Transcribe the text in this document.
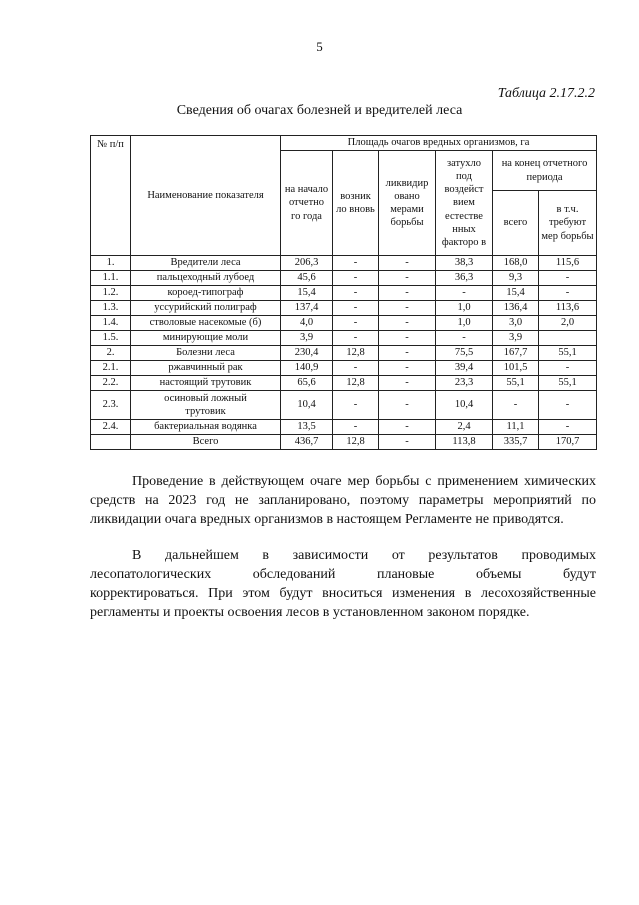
5
Таблица 2.17.2.2
Сведения об очагах болезней и вредителей леса
№ п/п	Наименование показателя	Площадь очагов вредных организмов, га					
		на начало отчетно го года	возник ло вновь	ликвидир овано мерами борьбы	затухло под воздейст вием естестве нных факторо в	на конец отчетного периода	
						всего	в т.ч. требуют мер борьбы
1.	Вредители леса	206,3	-	-	38,3	168,0	115,6
1.1.	пальцеходный лубоед	45,6	-	-	36,3	9,3	-
1.2.	короед-типограф	15,4	-	-	-	15,4	-
1.3.	уссурийский полиграф	137,4	-	-	1,0	136,4	113,6
1.4.	стволовые насекомые (б)	4,0	-	-	1,0	3,0	2,0
1.5.	минирующие моли	3,9	-	-	-	3,9	
2.	Болезни леса	230,4	12,8	-	75,5	167,7	55,1
2.1.	ржавчинный рак	140,9	-	-	39,4	101,5	-
2.2.	настоящий трутовик	65,6	12,8	-	23,3	55,1	55,1
2.3.	осиновый ложный трутовик	10,4	-	-	10,4	-	-
2.4.	бактериальная водянка	13,5	-	-	2,4	11,1	-
	Всего	436,7	12,8	-	113,8	335,7	170,7
Проведение в действующем очаге мер борьбы с применением химических средств на 2023 год не запланировано, поэтому параметры мероприятий по ликвидации очага вредных организмов в настоящем Регламенте не приводятся.
В дальнейшем в зависимости от результатов проводимых
лесопатологических обследований плановые объемы будут
корректироваться. При этом будут вноситься изменения в лесохозяйственные регламенты и проекты освоения лесов в установленном законом порядке.
